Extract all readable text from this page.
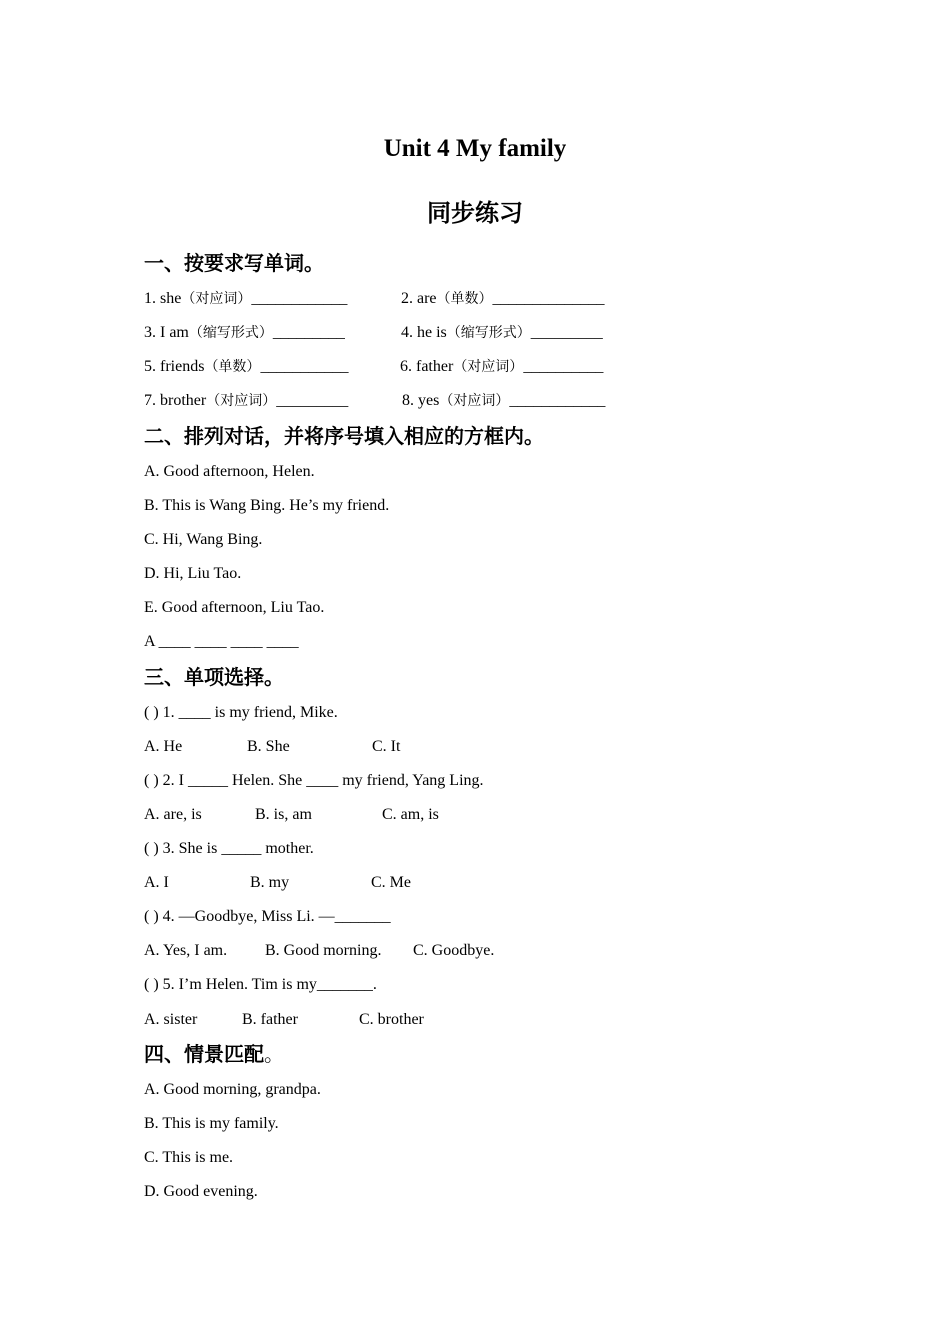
Unit 4 My family
同步练习
一、按要求写单词。
1. she（对应词）____________	2. are（单数）______________
3. I am（缩写形式）_________	4. he is（缩写形式）_________
5. friends（单数）___________	6. father（对应词）__________
7. brother（对应词）_________	8. yes（对应词）____________
二、排列对话，并将序号填入相应的方框内。
A. Good afternoon, Helen.
B. This is Wang Bing. He’s my friend.
C. Hi, Wang Bing.
D. Hi, Liu Tao.
E. Good afternoon, Liu Tao.
A ____ ____ ____ ____
三、单项选择。
( ) 1. ____ is my friend, Mike.
A. He	B. She	C. It
( ) 2. I _____ Helen. She ____ my friend, Yang Ling.
A. are, is	B. is, am	C. am, is
( ) 3. She is _____ mother.
A. I	B. my	C. Me
( ) 4. —Goodbye, Miss Li. —_______
A. Yes, I am. B. Good morning. C. Goodbye.
( ) 5. I’m Helen. Tim is my_______.
A. sister	B. father	C. brother
四、情景匹配。
A. Good morning, grandpa.
B. This is my family.
C. This is me.
D. Good evening.
